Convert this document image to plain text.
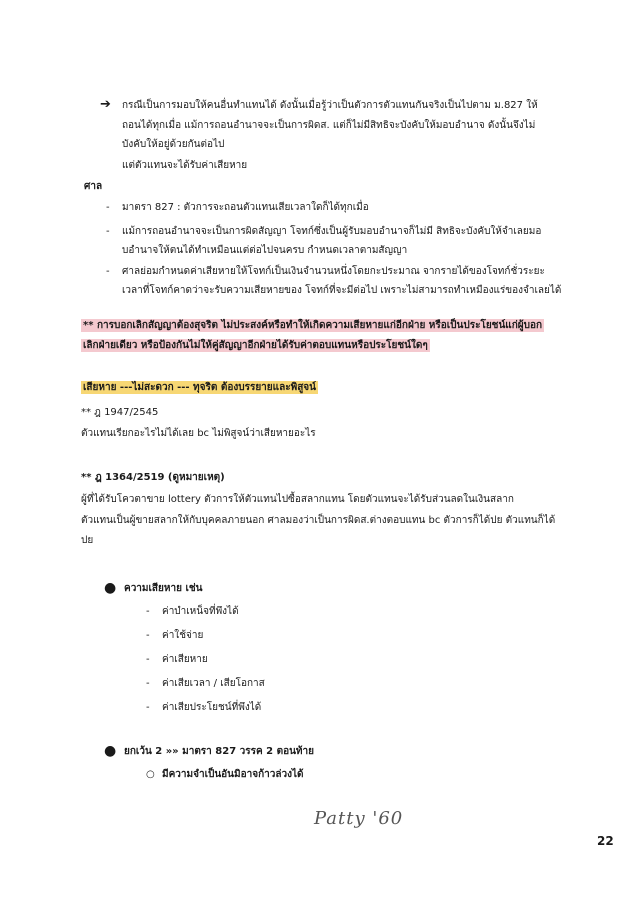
➔ กรณีเป็นการมอบให้คนอื่นทำแทนได้ ดังนั้นเมื่อรู้ว่าเป็นตัวการตัวแทนกันจริงเป็นไปตาม ม.827 ให้
ถอนได้ทุกเมื่อ แม้การถอนอำนาจจะเป็นการผิดส. แต่ก็ไม่มีสิทธิจะบังคับให้มอบอำนาจ ดังนั้นจึงไม่
บังคับให้อยู่ด้วยกันต่อไป
แต่ตัวแทนจะได้รับค่าเสียหาย
ศาล
- มาตรา 827 : ตัวการจะถอนตัวแทนเสียเวลาใดก็ได้ทุกเมื่อ
- แม้การถอนอำนาจจะเป็นการผิดสัญญา โจทก์ซึ่งเป็นผู้รับมอบอำนาจก็ไม่มี สิทธิจะบังคับให้จำเลยมอ
บอำนาจให้ตนได้ทำเหมือนแต่ต่อไปจนครบ กำหนดเวลาตามสัญญา
- ศาลย่อมกำหนดค่าเสียหายให้โจทก์เป็นเงินจำนวนหนึ่งโดยกะประมาณ จากรายได้ของโจทก์ชั่วระยะ
เวลาที่โจทก์คาดว่าจะรับความเสียหายของ โจทก์ที่จะมีต่อไป เพราะไม่สามารถทำเหมืองแร่ของจำเลยได้
** การบอกเลิกสัญญาต้องสุจริต ไม่ประสงค์หรือทำให้เกิดความเสียหายแก่อีกฝ่าย หรือเป็นประโยชน์แก่ผู้บอก
เลิกฝ่ายเดียว หรือป้องกันไม่ให้คู่สัญญาอีกฝ่ายได้รับค่าตอบแทนหรือประโยชน์ใดๆ
เสียหาย ---ไม่สะดวก --- ทุจริต ต้องบรรยายและพิสูจน์
** ฎ 1947/2545
ตัวแทนเรียกอะไรไม่ได้เลย bc ไม่พิสูจน์ว่าเสียหายอะไร
** ฎ 1364/2519 (ดูหมายเหตุ)
ผู้ที่ได้รับโควตาขาย lottery ตัวการให้ตัวแทนไปซื้อสลากแทน โดยตัวแทนจะได้รับส่วนลดในเงินสลาก
ตัวแทนเป็นผู้ขายสลากให้กับบุคคลภายนอก ศาลมองว่าเป็นการผิดส.ต่างตอบแทน bc ตัวการก็ได้ปย ตัวแทนก็ได้
ปย
● ความเสียหาย เช่น
- ค่าบำเหน็จที่พึงได้
- ค่าใช้จ่าย
- ค่าเสียหาย
- ค่าเสียเวลา / เสียโอกาส
- ค่าเสียประโยชน์ที่พึงได้
● ยกเว้น 2 »» มาตรา 827 วรรค 2 ตอนท้าย
○ มีความจำเป็นอันมิอาจก้าวล่วงได้
Patty '60
22
